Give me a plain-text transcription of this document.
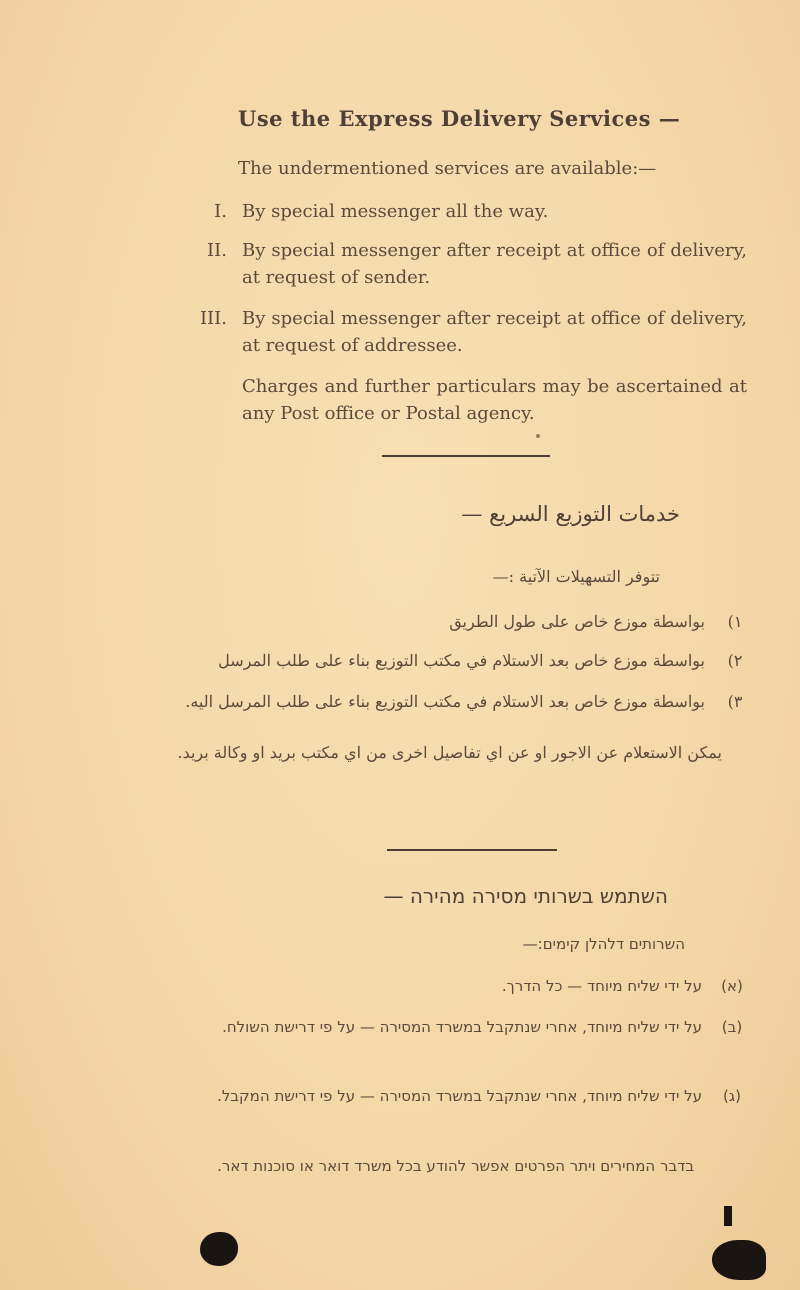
Use the Express Delivery Services —
The undermentioned services are available:—
I. By special messenger all the way.
II. By special messenger after receipt at office of delivery, at request of sender.
III. By special messenger after receipt at office of delivery, at request of addressee.
Charges and further particulars may be ascertained at any Post office or Postal agency.
خدمات التوزيع السريع —
تتوفر التسهيلات الآتية :—
١)
بواسطة موزع خاص على طول الطريق
٢)
بواسطة موزع خاص بعد الاستلام في مكتب التوزيع بناء على طلب المرسل
٣)
بواسطة موزع خاص بعد الاستلام في مكتب التوزيع بناء على طلب المرسل اليه.
يمكن الاستعلام عن الاجور او عن اي تفاصيل اخرى من اي مكتب بريد او وكالة بريد.
השתמש בשרותי מסירה מהירה —
השרותים דלהלן קימים:—
(א)
על ידי שליח מיוחד — כל הדרך.
(ב)
על ידי שליח מיוחד, אחרי שנתקבל במשרד המסירה — על פי דרישת השולח.
(ג)
על ידי שליח מיוחד, אחרי שנתקבל במשרד המסירה — על פי דרישת המקבל.
בדבר המחירים ויתר הפרטים אפשר להודע בכל משרד דואר או סוכנות דאר.
